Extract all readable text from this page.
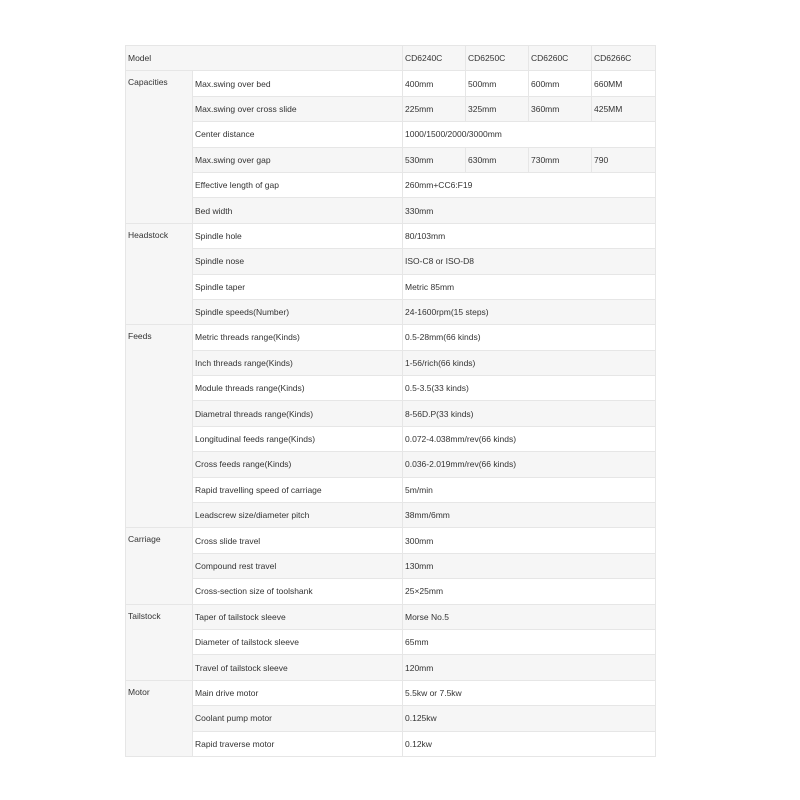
Model		CD6240C	CD6250C	CD6260C	CD6266C
Capacities	Max.swing over bed	400mm	500mm	600mm	660MM
	Max.swing over cross slide	225mm	325mm	360mm	425MM
	Center distance	1000/1500/2000/3000mm			
	Max.swing over gap	530mm	630mm	730mm	790
	Effective length of gap	260mm+CC6:F19			
	Bed width	330mm			
Headstock	Spindle hole	80/103mm			
	Spindle nose	ISO-C8 or ISO-D8			
	Spindle taper	Metric 85mm			
	Spindle speeds(Number)	24-1600rpm(15 steps)			
Feeds	Metric threads range(Kinds)	0.5-28mm(66 kinds)			
	Inch threads range(Kinds)	1-56/rich(66 kinds)			
	Module threads range(Kinds)	0.5-3.5(33 kinds)			
	Diametral threads range(Kinds)	8-56D.P(33 kinds)			
	Longitudinal feeds range(Kinds)	0.072-4.038mm/rev(66 kinds)			
	Cross feeds range(Kinds)	0.036-2.019mm/rev(66 kinds)			
	Rapid travelling speed of carriage	5m/min			
	Leadscrew size/diameter pitch	38mm/6mm			
Carriage	Cross slide travel	300mm			
	Compound rest travel	130mm			
	Cross-section size of toolshank	25×25mm			
Tailstock	Taper of tailstock sleeve	Morse No.5			
	Diameter of tailstock sleeve	65mm			
	Travel of tailstock sleeve	120mm			
Motor	Main drive motor	5.5kw or 7.5kw			
	Coolant pump motor	0.125kw			
	Rapid traverse motor	0.12kw			
